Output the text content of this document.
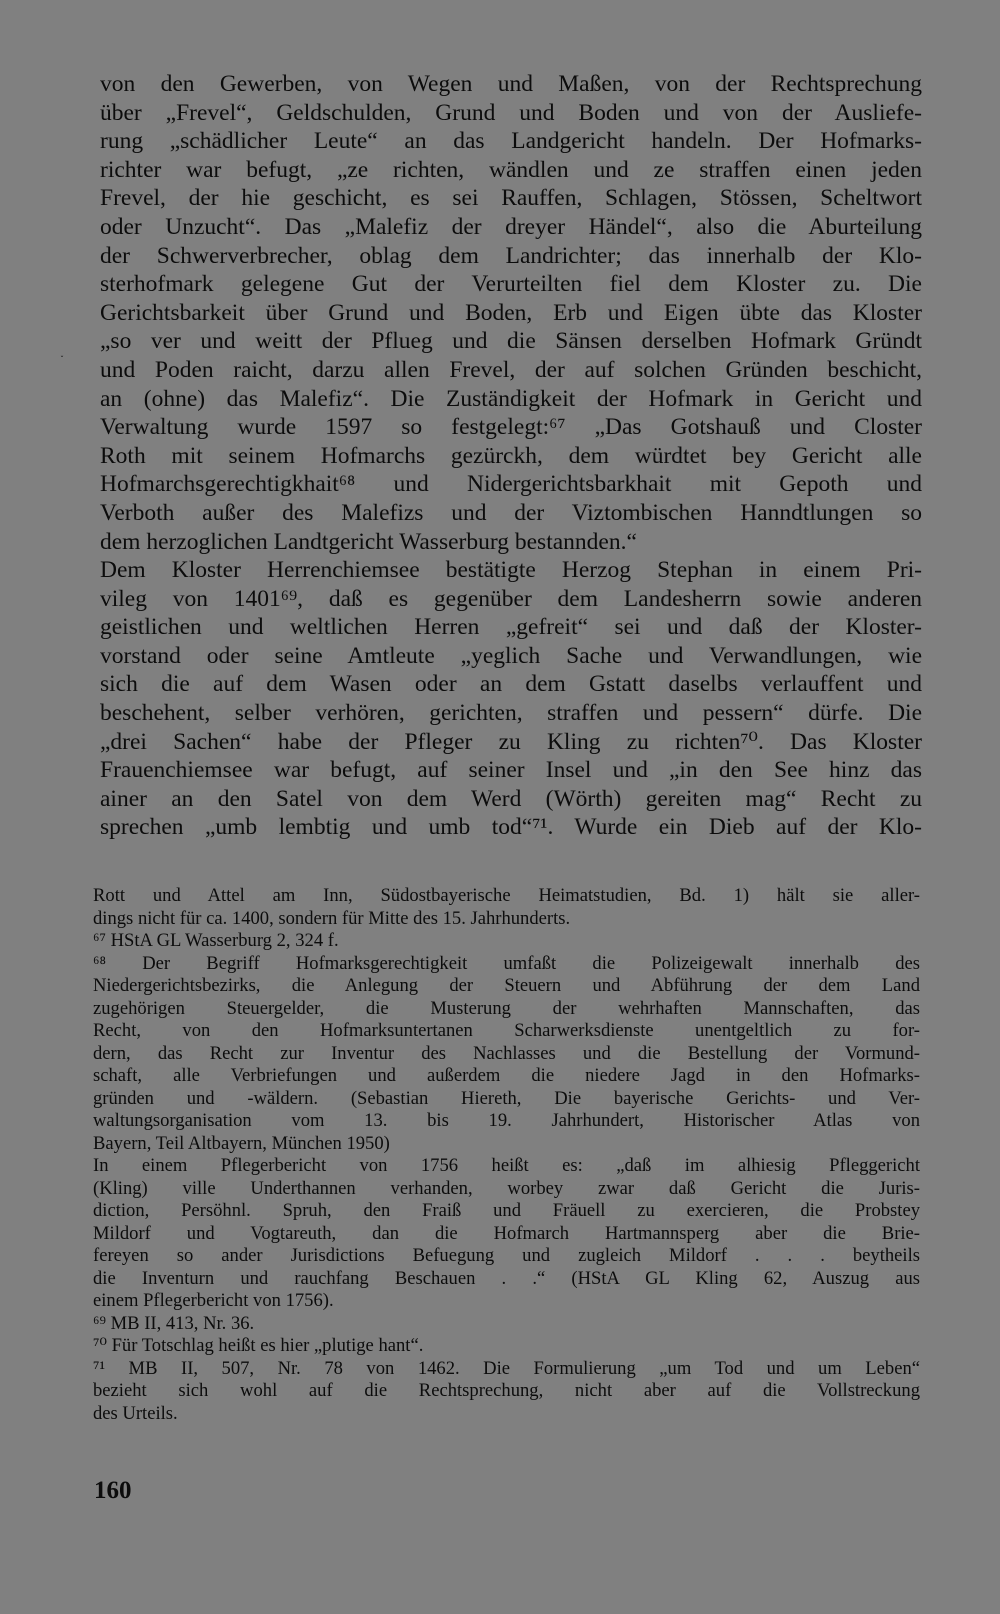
˯
von den Gewerben, von Wegen und Maßen, von der Rechtsprechung
über „Frevel“, Geldschulden, Grund und Boden und von der Ausliefe-
rung „schädlicher Leute“ an das Landgericht handeln. Der Hofmarks-
richter war befugt, „ze richten, wändlen und ze straffen einen jeden
Frevel, der hie geschicht, es sei Rauffen, Schlagen, Stössen, Scheltwort
oder Unzucht“. Das „Malefiz der dreyer Händel“, also die Aburteilung
der Schwerverbrecher, oblag dem Landrichter; das innerhalb der Klo-
sterhofmark gelegene Gut der Verurteilten fiel dem Kloster zu. Die
Gerichtsbarkeit über Grund und Boden, Erb und Eigen übte das Kloster
„so ver und weitt der Pflueg und die Sänsen derselben Hofmark Gründt
und Poden raicht, darzu allen Frevel, der auf solchen Gründen beschicht,
an (ohne) das Malefiz“. Die Zuständigkeit der Hofmark in Gericht und
Verwaltung wurde 1597 so festgelegt:⁶⁷ „Das Gotshauß und Closter
Roth mit seinem Hofmarchs gezürckh, dem würdtet bey Gericht alle
Hofmarchsgerechtigkhait⁶⁸ und Nidergerichtsbarkhait mit Gepoth und
Verboth außer des Malefizs und der Viztombischen Hanndtlungen so
dem herzoglichen Landtgericht Wasserburg bestannden.“
Dem Kloster Herrenchiemsee bestätigte Herzog Stephan in einem Pri-
vileg von 1401⁶⁹, daß es gegenüber dem Landesherrn sowie anderen
geistlichen und weltlichen Herren „gefreit“ sei und daß der Kloster-
vorstand oder seine Amtleute „yeglich Sache und Verwandlungen, wie
sich die auf dem Wasen oder an dem Gstatt daselbs verlauffent und
beschehent, selber verhören, gerichten, straffen und pessern“ dürfe. Die
„drei Sachen“ habe der Pfleger zu Kling zu richten⁷⁰. Das Kloster
Frauenchiemsee war befugt, auf seiner Insel und „in den See hinz das
ainer an den Satel von dem Werd (Wörth) gereiten mag“ Recht zu
sprechen „umb lembtig und umb tod“⁷¹. Wurde ein Dieb auf der Klo-
Rott und Attel am Inn, Südostbayerische Heimatstudien, Bd. 1) hält sie aller-
dings nicht für ca. 1400, sondern für Mitte des 15. Jahrhunderts.
⁶⁷ HStA GL Wasserburg 2, 324 f.
⁶⁸ Der Begriff Hofmarksgerechtigkeit umfaßt die Polizeigewalt innerhalb des
Niedergerichtsbezirks, die Anlegung der Steuern und Abführung der dem Land
zugehörigen Steuergelder, die Musterung der wehrhaften Mannschaften, das
Recht, von den Hofmarksuntertanen Scharwerksdienste unentgeltlich zu for-
dern, das Recht zur Inventur des Nachlasses und die Bestellung der Vormund-
schaft, alle Verbriefungen und außerdem die niedere Jagd in den Hofmarks-
gründen und -wäldern. (Sebastian Hiereth, Die bayerische Gerichts- und Ver-
waltungsorganisation vom 13. bis 19. Jahrhundert, Historischer Atlas von
Bayern, Teil Altbayern, München 1950)
In einem Pflegerbericht von 1756 heißt es: „daß im alhiesig Pfleggericht
(Kling) ville Underthannen verhanden, worbey zwar daß Gericht die Juris-
diction, Persöhnl. Spruh, den Fraiß und Fräuell zu exercieren, die Probstey
Mildorf und Vogtareuth, dan die Hofmarch Hartmannsperg aber die Brie-
fereyen so ander Jurisdictions Befuegung und zugleich Mildorf . . . beytheils
die Inventurn und rauchfang Beschauen . .“ (HStA GL Kling 62, Auszug aus
einem Pflegerbericht von 1756).
⁶⁹ MB II, 413, Nr. 36.
⁷⁰ Für Totschlag heißt es hier „plutige hant“.
⁷¹ MB II, 507, Nr. 78 von 1462. Die Formulierung „um Tod und um Leben“
bezieht sich wohl auf die Rechtsprechung, nicht aber auf die Vollstreckung
des Urteils.
160
